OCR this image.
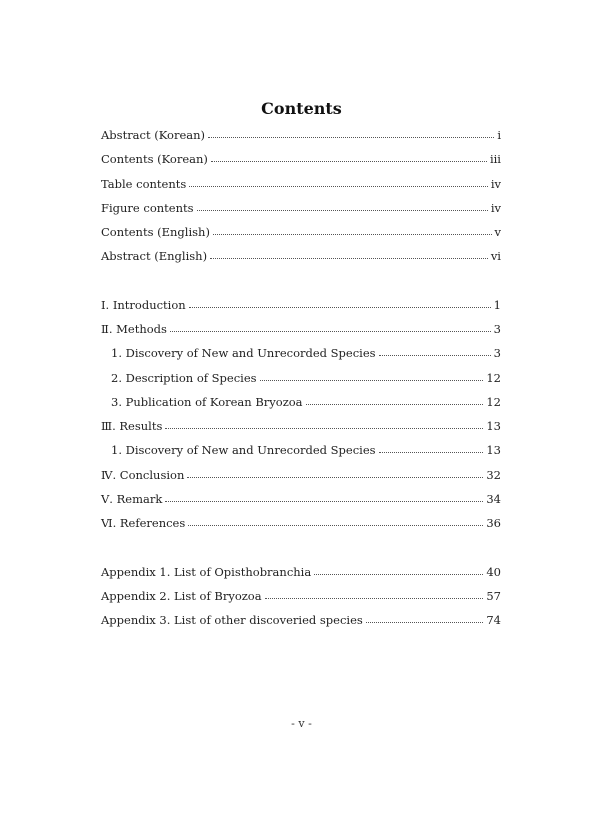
Contents
Abstract (Korean)	i
Contents (Korean)	iii
Table contents	iv
Figure contents	iv
Contents (English)	v
Abstract (English)	vi
Ⅰ. Introduction	1
Ⅱ. Methods	3
1. Discovery of New and Unrecorded Species	3
2. Description of Species	12
3. Publication of Korean Bryozoa	12
Ⅲ. Results	13
1. Discovery of New and Unrecorded Species	13
Ⅳ. Conclusion	32
Ⅴ. Remark	34
Ⅵ. References	36
Appendix 1. List of Opisthobranchia	40
Appendix 2. List of Bryozoa	57
Appendix 3. List of other discoveried species	74
- v -
